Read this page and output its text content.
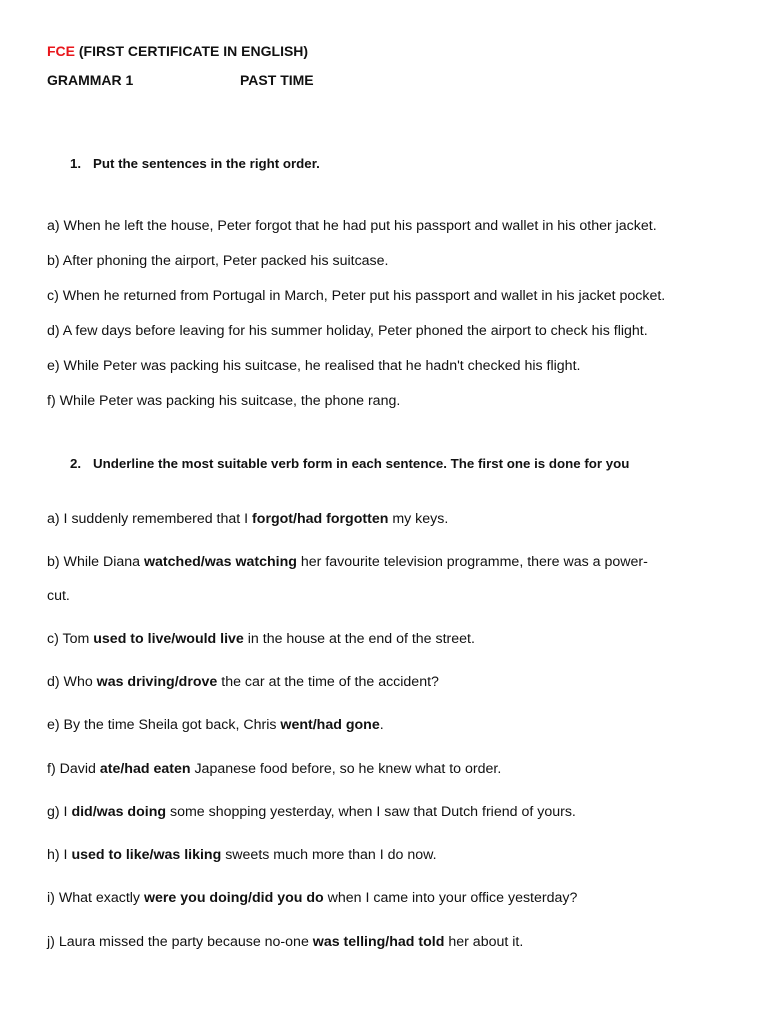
FCE (FIRST CERTIFICATE IN ENGLISH)
GRAMMAR 1	PAST TIME
1. Put the sentences in the right order.
a) When he left the house, Peter forgot that he had put his passport and wallet in his other jacket.
b) After phoning the airport, Peter packed his suitcase.
c) When he returned from Portugal in March, Peter put his passport and wallet in his jacket pocket.
d) A few days before leaving for his summer holiday, Peter phoned the airport to check his flight.
e) While Peter was packing his suitcase, he realised that he hadn't checked his flight.
f) While Peter was packing his suitcase, the phone rang.
2. Underline the most suitable verb form in each sentence. The first one is done for you
a) I suddenly remembered that I forgot/had forgotten my keys.
b) While Diana watched/was watching her favourite television programme, there was a power-
cut.
c) Tom used to live/would live in the house at the end of the street.
d) Who was driving/drove the car at the time of the accident?
e) By the time Sheila got back, Chris went/had gone.
f) David ate/had eaten Japanese food before, so he knew what to order.
g) I did/was doing some shopping yesterday, when I saw that Dutch friend of yours.
h) I used to like/was liking sweets much more than I do now.
i) What exactly were you doing/did you do when I came into your office yesterday?
j) Laura missed the party because no-one was telling/had told her about it.
